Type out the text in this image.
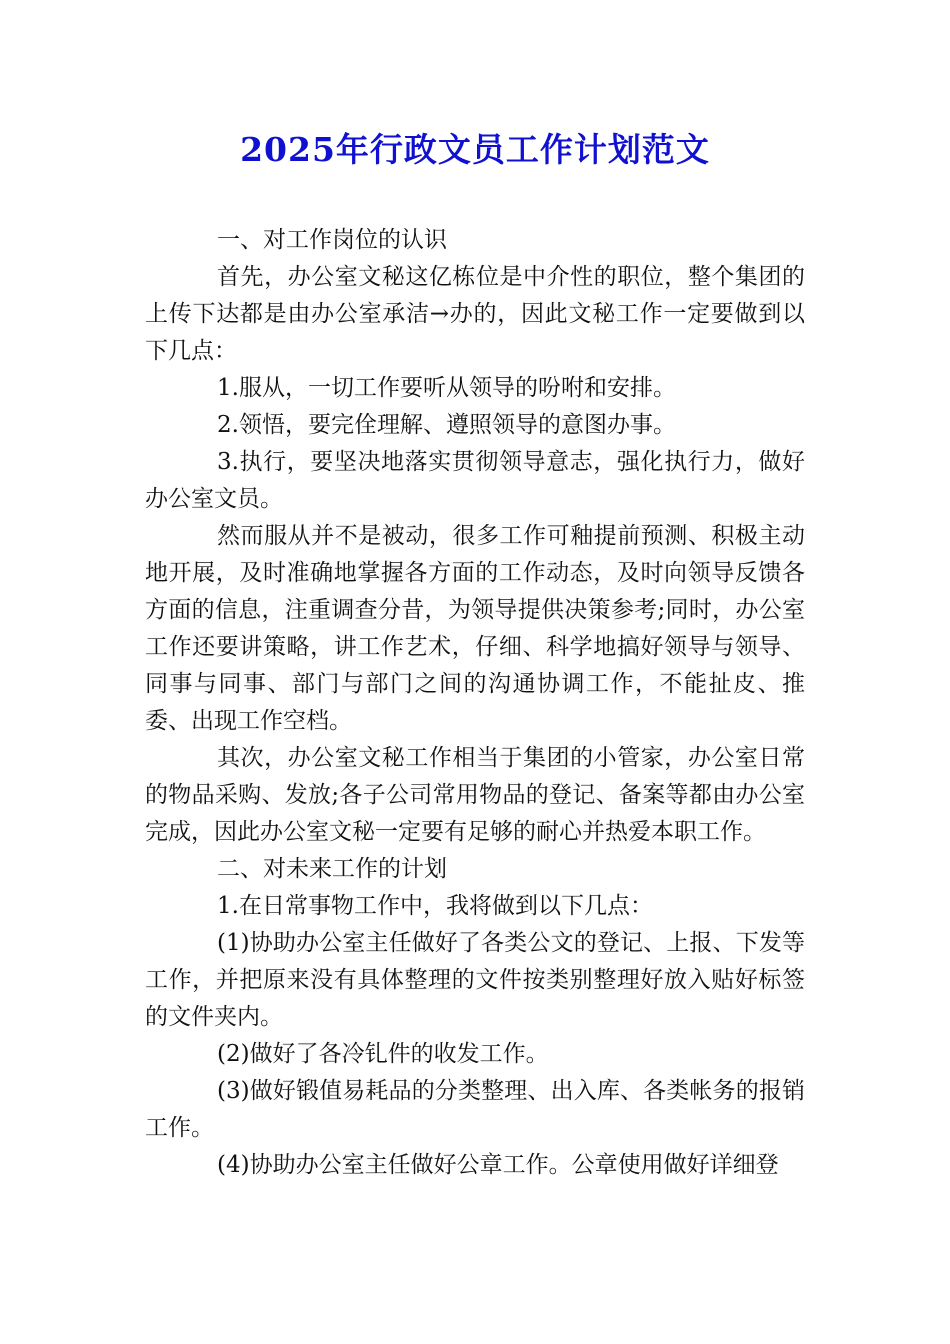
2025年行政文员工作计划范文

一、对工作岗位的认识

首先，办公室文秘这亿栋位是中介性的职位，整个集团的上传下达都是由办公室承洁→办的，因此文秘工作一定要做到以下几点：

1.服从，一切工作要听从领导的吩咐和安排。

2.领悟，要完佺理解、遵照领导的意图办事。

3.执行，要坚决地落实贯彻领导意志，强化执行力，做好办公室文员。

然而服从并不是被动，很多工作可釉提前预测、积极主动地开展，及时准确地掌握各方面的工作动态，及时向领导反馈各方面的信息，注重调查分昔，为领导提供决策参考;同时，办公室工作还要讲策略，讲工作艺术，仔细、科学地搞好领导与领导、同事与同事、部门与部门之间的沟通协调工作，不能扯皮、推委、出现工作空档。

其次，办公室文秘工作相当于集团的小管家，办公室日常的物品采购、发放;各子公司常用物品的登记、备案等都由办公室完成，因此办公室文秘一定要有足够的耐心并热爱本职工作。

二、对未来工作的计划

1.在日常事物工作中，我将做到以下几点：

(1)协助办公室主任做好了各类公文的登记、上报、下发等工作，并把原来没有具体整理的文件按类别整理好放入贴好标签的文件夹内。

(2)做好了各冷钆件的收发工作。

(3)做好锻值易耗品的分类整理、出入库、各类帐务的报销工作。

(4)协助办公室主任做好公章工作。公章使用做好详细登
